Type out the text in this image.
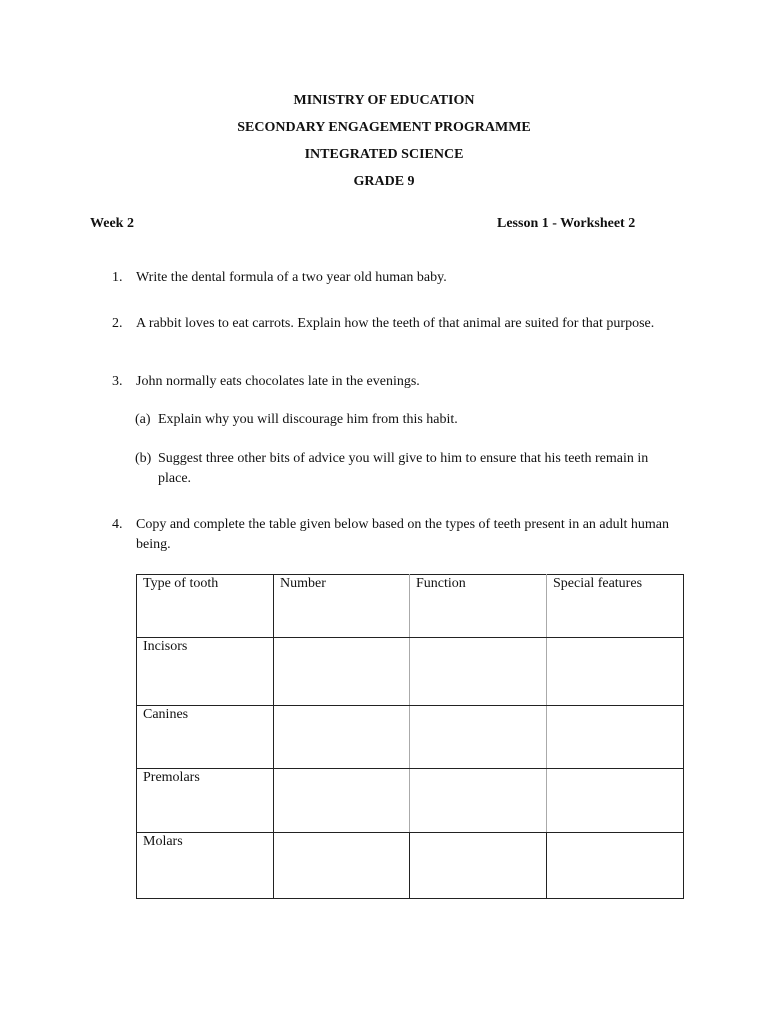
MINISTRY OF EDUCATION
SECONDARY ENGAGEMENT PROGRAMME
INTEGRATED SCIENCE
GRADE 9
Week 2	Lesson 1 - Worksheet 2
1. Write the dental formula of a two year old human baby.
2. A rabbit loves to eat carrots. Explain how the teeth of that animal are suited for that purpose.
3. John normally eats chocolates late in the evenings.
(a) Explain why you will discourage him from this habit.
(b) Suggest three other bits of advice you will give to him to ensure that his teeth remain in place.
4. Copy and complete the table given below based on the types of teeth present in an adult human being.
Type of tooth	Number	Function	Special features
Incisors			
Canines			
Premolars			
Molars			
